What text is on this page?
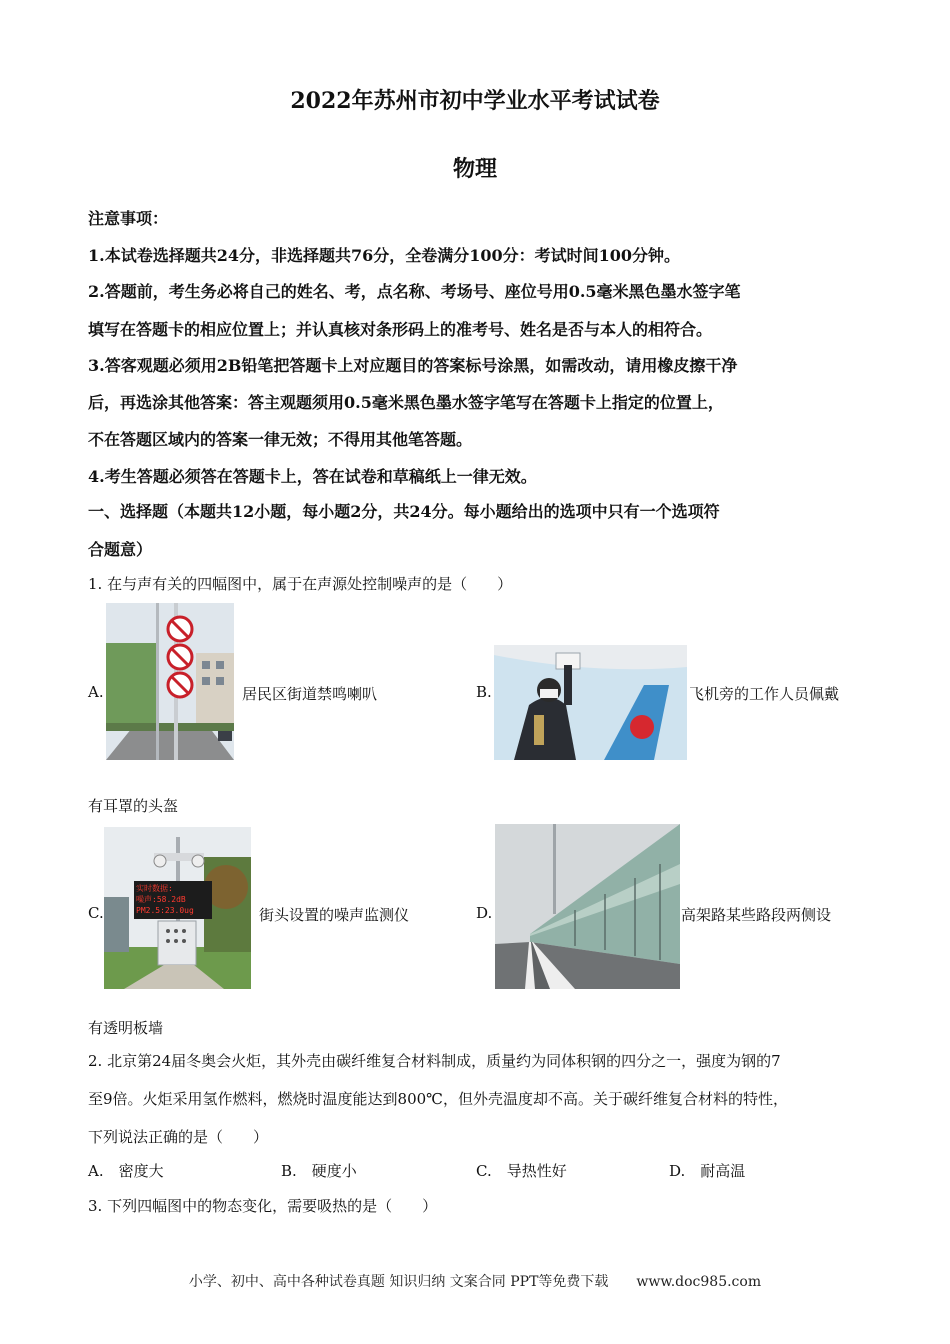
2022年苏州市初中学业水平考试试卷
物理
注意事项：
1.本试卷选择题共24分，非选择题共76分，全卷满分100分：考试时间100分钟。
2.答题前，考生务必将自己的姓名、考，点名称、考场号、座位号用0.5毫米黑色墨水签字笔
填写在答题卡的相应位置上；并认真核对条形码上的准考号、姓名是否与本人的相符合。
3.答客观题必须用2B铅笔把答题卡上对应题目的答案标号涂黑，如需改动，请用橡皮擦干净
后，再选涂其他答案：答主观题须用0.5毫米黑色墨水签字笔写在答题卡上指定的位置上，
不在答题区域内的答案一律无效；不得用其他笔答题。
4.考生答题必须答在答题卡上，答在试卷和草稿纸上一律无效。
一、选择题（本题共12小题，每小题2分，共24分。每小题给出的选项中只有一个选项符
合题意）
1. 在与声有关的四幅图中，属于在声源处控制噪声的是（　　）
A.	居民区街道禁鸣喇叭	B.	飞机旁的工作人员佩戴
有耳罩的头盔
C.
实时数据:
噪声:58.2dB
PM2.5:23.0ug	街头设置的噪声监测仪	D.	高架路某些路段两侧设
有透明板墙
2. 北京第24届冬奥会火炬，其外壳由碳纤维复合材料制成，质量约为同体积钢的四分之一，强度为钢的7
至9倍。火炬采用氢作燃料，燃烧时温度能达到800℃，但外壳温度却不高。关于碳纤维复合材料的特性，
下列说法正确的是（　　）
A.　密度大	B.　硬度小	C.　导热性好	D.　耐高温
3. 下列四幅图中的物态变化，需要吸热的是（　　）
小学、初中、高中各种试卷真题 知识归纳 文案合同 PPT等免费下载　　www.doc985.com
